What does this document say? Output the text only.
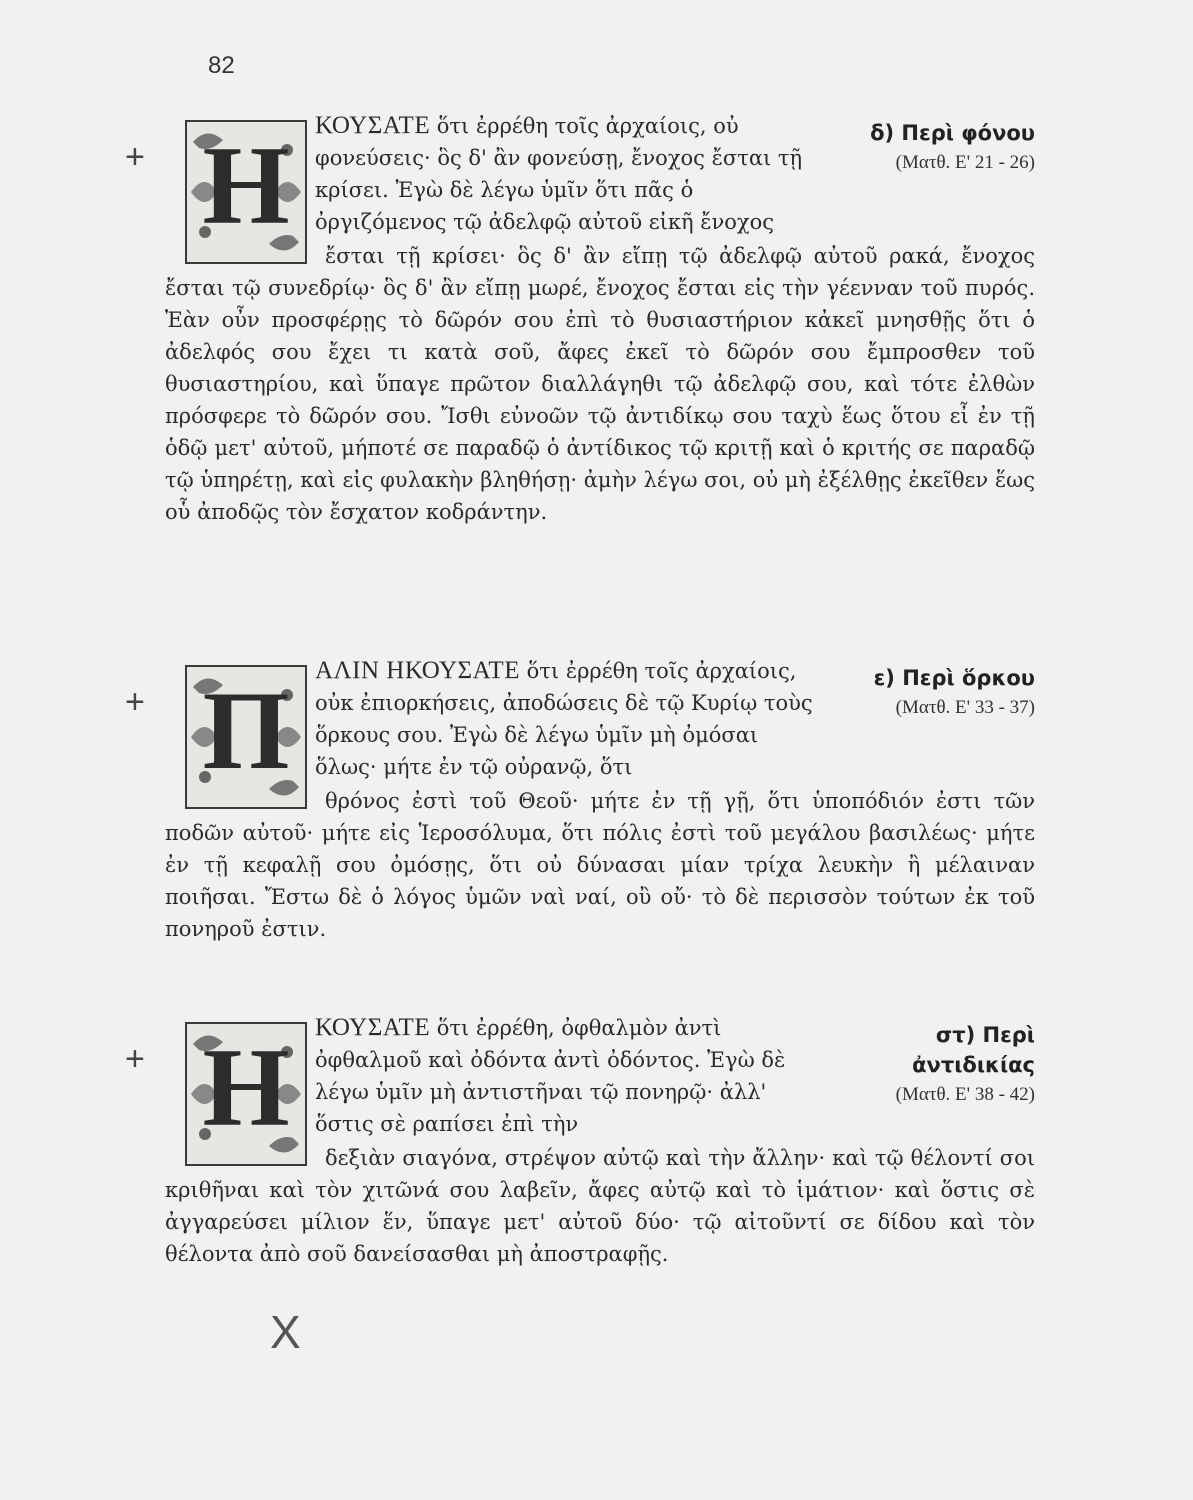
82
+ Η	δ) Περὶ φόνου
(Ματθ. Ε' 21 - 26)
ΚΟΥΣΑΤΕ ὅτι ἐρρέθη τοῖς ἀρχαίοις, οὐ φονεύσεις· ὃς δ' ἂν φονεύσῃ, ἔνοχος ἔσται τῇ κρίσει. Ἐγὼ δὲ λέγω ὑμῖν ὅτι πᾶς ὁ ὀργιζόμενος τῷ ἀδελφῷ αὐτοῦ εἰκῆ ἔνοχος
ἔσται τῇ κρίσει· ὃς δ' ἂν εἴπῃ τῷ ἀδελφῷ αὐτοῦ ρακά, ἔνοχος ἔσται τῷ συνεδρίῳ· ὃς δ' ἂν εἴπῃ μωρέ, ἔνοχος ἔσται εἰς τὴν γέενναν τοῦ πυρός. Ἐὰν οὖν προσφέρῃς τὸ δῶρόν σου ἐπὶ τὸ θυσιαστήριον κἀκεῖ μνησθῇς ὅτι ὁ ἀδελφός σου ἔχει τι κατὰ σοῦ, ἄφες ἐκεῖ τὸ δῶρόν σου ἔμπροσθεν τοῦ θυσιαστηρίου, καὶ ὕπαγε πρῶτον διαλλάγηθι τῷ ἀδελφῷ σου, καὶ τότε ἐλθὼν πρόσφερε τὸ δῶρόν σου. Ἴσθι εὐνοῶν τῷ ἀντιδίκῳ σου ταχὺ ἕως ὅτου εἶ ἐν τῇ ὁδῷ μετ' αὐτοῦ, μήποτέ σε παραδῷ ὁ ἀντίδικος τῷ κριτῇ καὶ ὁ κριτής σε παραδῷ τῷ ὑπηρέτῃ, καὶ εἰς φυλακὴν βληθήσῃ· ἀμὴν λέγω σοι, οὐ μὴ ἐξέλθῃς ἐκεῖθεν ἕως οὗ ἀποδῷς τὸν ἔσχατον κοδράντην.
+ Π	ε) Περὶ ὅρκου
(Ματθ. Ε' 33 - 37)
ΑΛΙΝ ΗΚΟΥΣΑΤΕ ὅτι ἐρρέθη τοῖς ἀρχαίοις, οὐκ ἐπιορκήσεις, ἀποδώσεις δὲ τῷ Κυρίῳ τοὺς ὅρκους σου. Ἐγὼ δὲ λέγω ὑμῖν μὴ ὀμόσαι ὅλως· μήτε ἐν τῷ οὐρανῷ, ὅτι
θρόνος ἐστὶ τοῦ Θεοῦ· μήτε ἐν τῇ γῇ, ὅτι ὑποπόδιόν ἐστι τῶν ποδῶν αὐτοῦ· μήτε εἰς Ἱεροσόλυμα, ὅτι πόλις ἐστὶ τοῦ μεγάλου βασιλέως· μήτε ἐν τῇ κεφαλῇ σου ὀμόσῃς, ὅτι οὐ δύνασαι μίαν τρίχα λευκὴν ἢ μέλαιναν ποιῆσαι. Ἔστω δὲ ὁ λόγος ὑμῶν ναὶ ναί, οὒ οὔ· τὸ δὲ περισσὸν τούτων ἐκ τοῦ πονηροῦ ἐστιν.
+ Η	στ) Περὶ ἀντιδικίας
(Ματθ. Ε' 38 - 42)
ΚΟΥΣΑΤΕ ὅτι ἐρρέθη, ὀφθαλμὸν ἀντὶ ὀφθαλμοῦ καὶ ὀδόντα ἀντὶ ὀδόντος. Ἐγὼ δὲ λέγω ὑμῖν μὴ ἀντιστῆναι τῷ πονηρῷ· ἀλλ' ὅστις σὲ ραπίσει ἐπὶ τὴν
δεξιὰν σιαγόνα, στρέψον αὐτῷ καὶ τὴν ἄλλην· καὶ τῷ θέλοντί σοι κριθῆναι καὶ τὸν χιτῶνά σου λαβεῖν, ἄφες αὐτῷ καὶ τὸ ἱμάτιον· καὶ ὅστις σὲ ἀγγαρεύσει μίλιον ἕν, ὕπαγε μετ' αὐτοῦ δύο· τῷ αἰτοῦντί σε δίδου καὶ τὸν θέλοντα ἀπὸ σοῦ δανείσασθαι μὴ ἀποστραφῇς.
X
